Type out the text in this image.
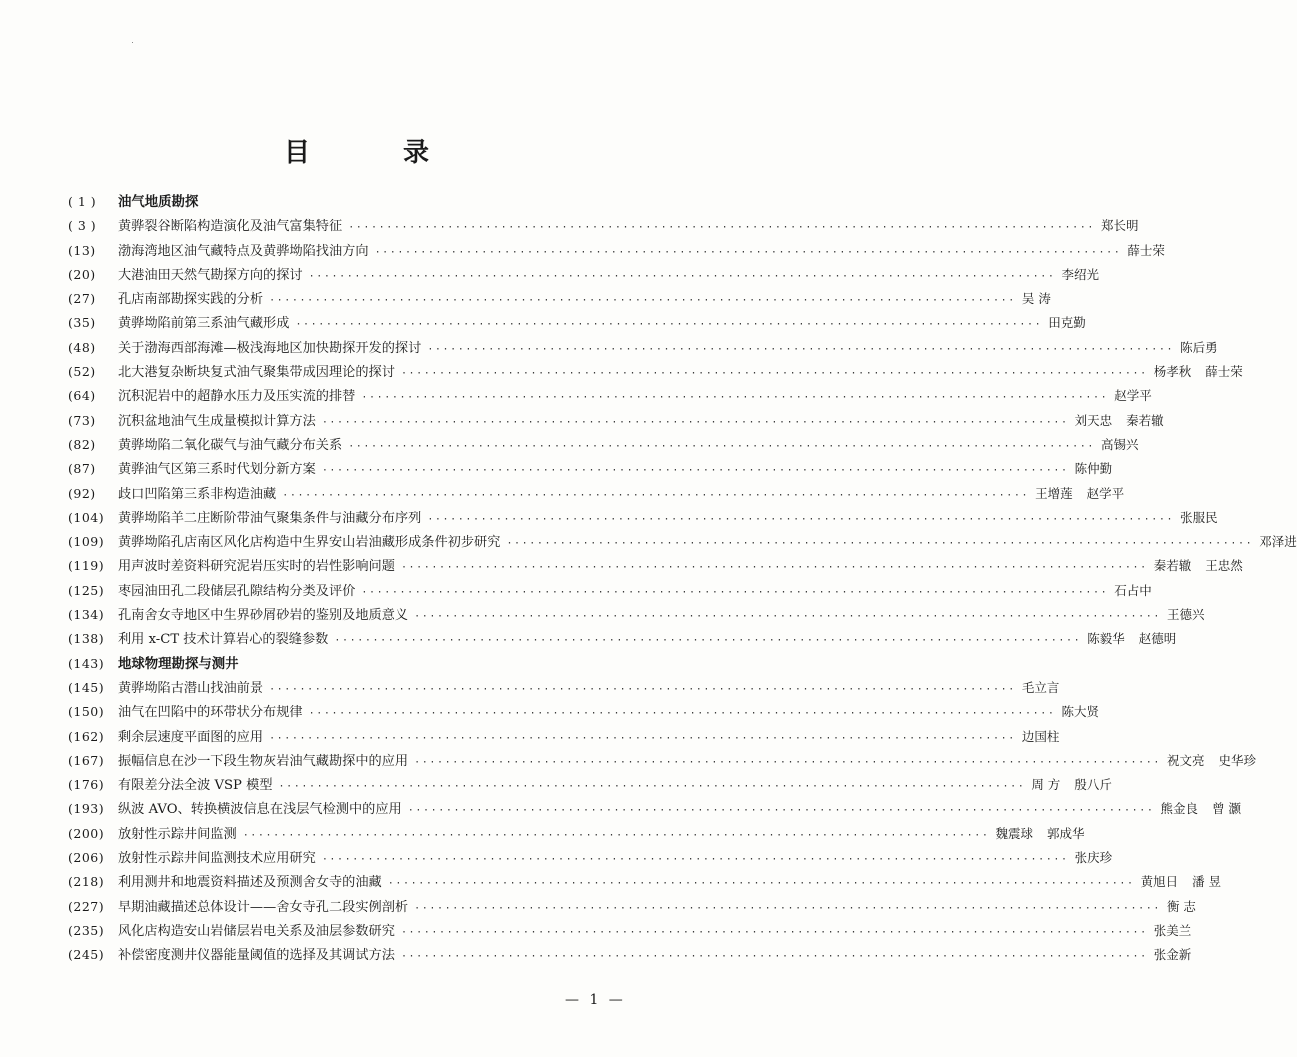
目 录
( 1 )	油气地质勘探
( 3 )	黄骅裂谷断陷构造演化及油气富集特征 ·································································································· 郑长明
(13)	渤海湾地区油气藏特点及黄骅坳陷找油方向 ·································································································· 薛士荣
(20)	大港油田天然气勘探方向的探讨 ·································································································· 李绍光
(27)	孔店南部勘探实践的分析 ·································································································· 吴 涛
(35)	黄骅坳陷前第三系油气藏形成 ·································································································· 田克勤
(48)	关于渤海西部海滩—极浅海地区加快勘探开发的探讨 ·································································································· 陈后勇
(52)	北大港复杂断块复式油气聚集带成因理论的探讨 ·································································································· 杨孝秋 薛士荣
(64)	沉积泥岩中的超静水压力及压实流的排替 ·································································································· 赵学平
(73)	沉积盆地油气生成量模拟计算方法 ·································································································· 刘天忠 秦若辙
(82)	黄骅坳陷二氧化碳气与油气藏分布关系 ·································································································· 高锡兴
(87)	黄骅油气区第三系时代划分新方案 ·································································································· 陈仲勤
(92)	歧口凹陷第三系非构造油藏 ·································································································· 王增莲 赵学平
(104)	黄骅坳陷羊二庄断阶带油气聚集条件与油藏分布序列 ·································································································· 张服民
(109)	黄骅坳陷孔店南区风化店构造中生界安山岩油藏形成条件初步研究 ·································································································· 邓泽进
(119)	用声波时差资料研究泥岩压实时的岩性影响问题 ·································································································· 秦若辙 王忠然
(125)	枣园油田孔二段储层孔隙结构分类及评价 ·································································································· 石占中
(134)	孔南舍女寺地区中生界砂屑砂岩的鉴别及地质意义 ·································································································· 王德兴
(138)	利用 x-CT 技术计算岩心的裂缝参数 ·································································································· 陈毅华 赵德明
(143)	地球物理勘探与测井
(145)	黄骅坳陷古潜山找油前景 ·································································································· 毛立言
(150)	油气在凹陷中的环带状分布规律 ·································································································· 陈大贤
(162)	剩余层速度平面图的应用 ·································································································· 边国柱
(167)	振幅信息在沙一下段生物灰岩油气藏勘探中的应用 ·································································································· 祝文亮 史华珍
(176)	有限差分法全波 VSP 模型 ·································································································· 周 方 殷八斤
(193)	纵波 AVO、转换横波信息在浅层气检测中的应用 ·································································································· 熊金良 曾 灏
(200)	放射性示踪井间监测 ·································································································· 魏震球 郭成华
(206)	放射性示踪井间监测技术应用研究 ·································································································· 张庆珍
(218)	利用测井和地震资料描述及预测舍女寺的油藏 ·································································································· 黄旭日 潘 昱
(227)	早期油藏描述总体设计——舍女寺孔二段实例剖析 ·································································································· 衡 志
(235)	风化店构造安山岩储层岩电关系及油层参数研究 ·································································································· 张美兰
(245)	补偿密度测井仪器能量阈值的选择及其调试方法 ·································································································· 张金新
— 1 —
